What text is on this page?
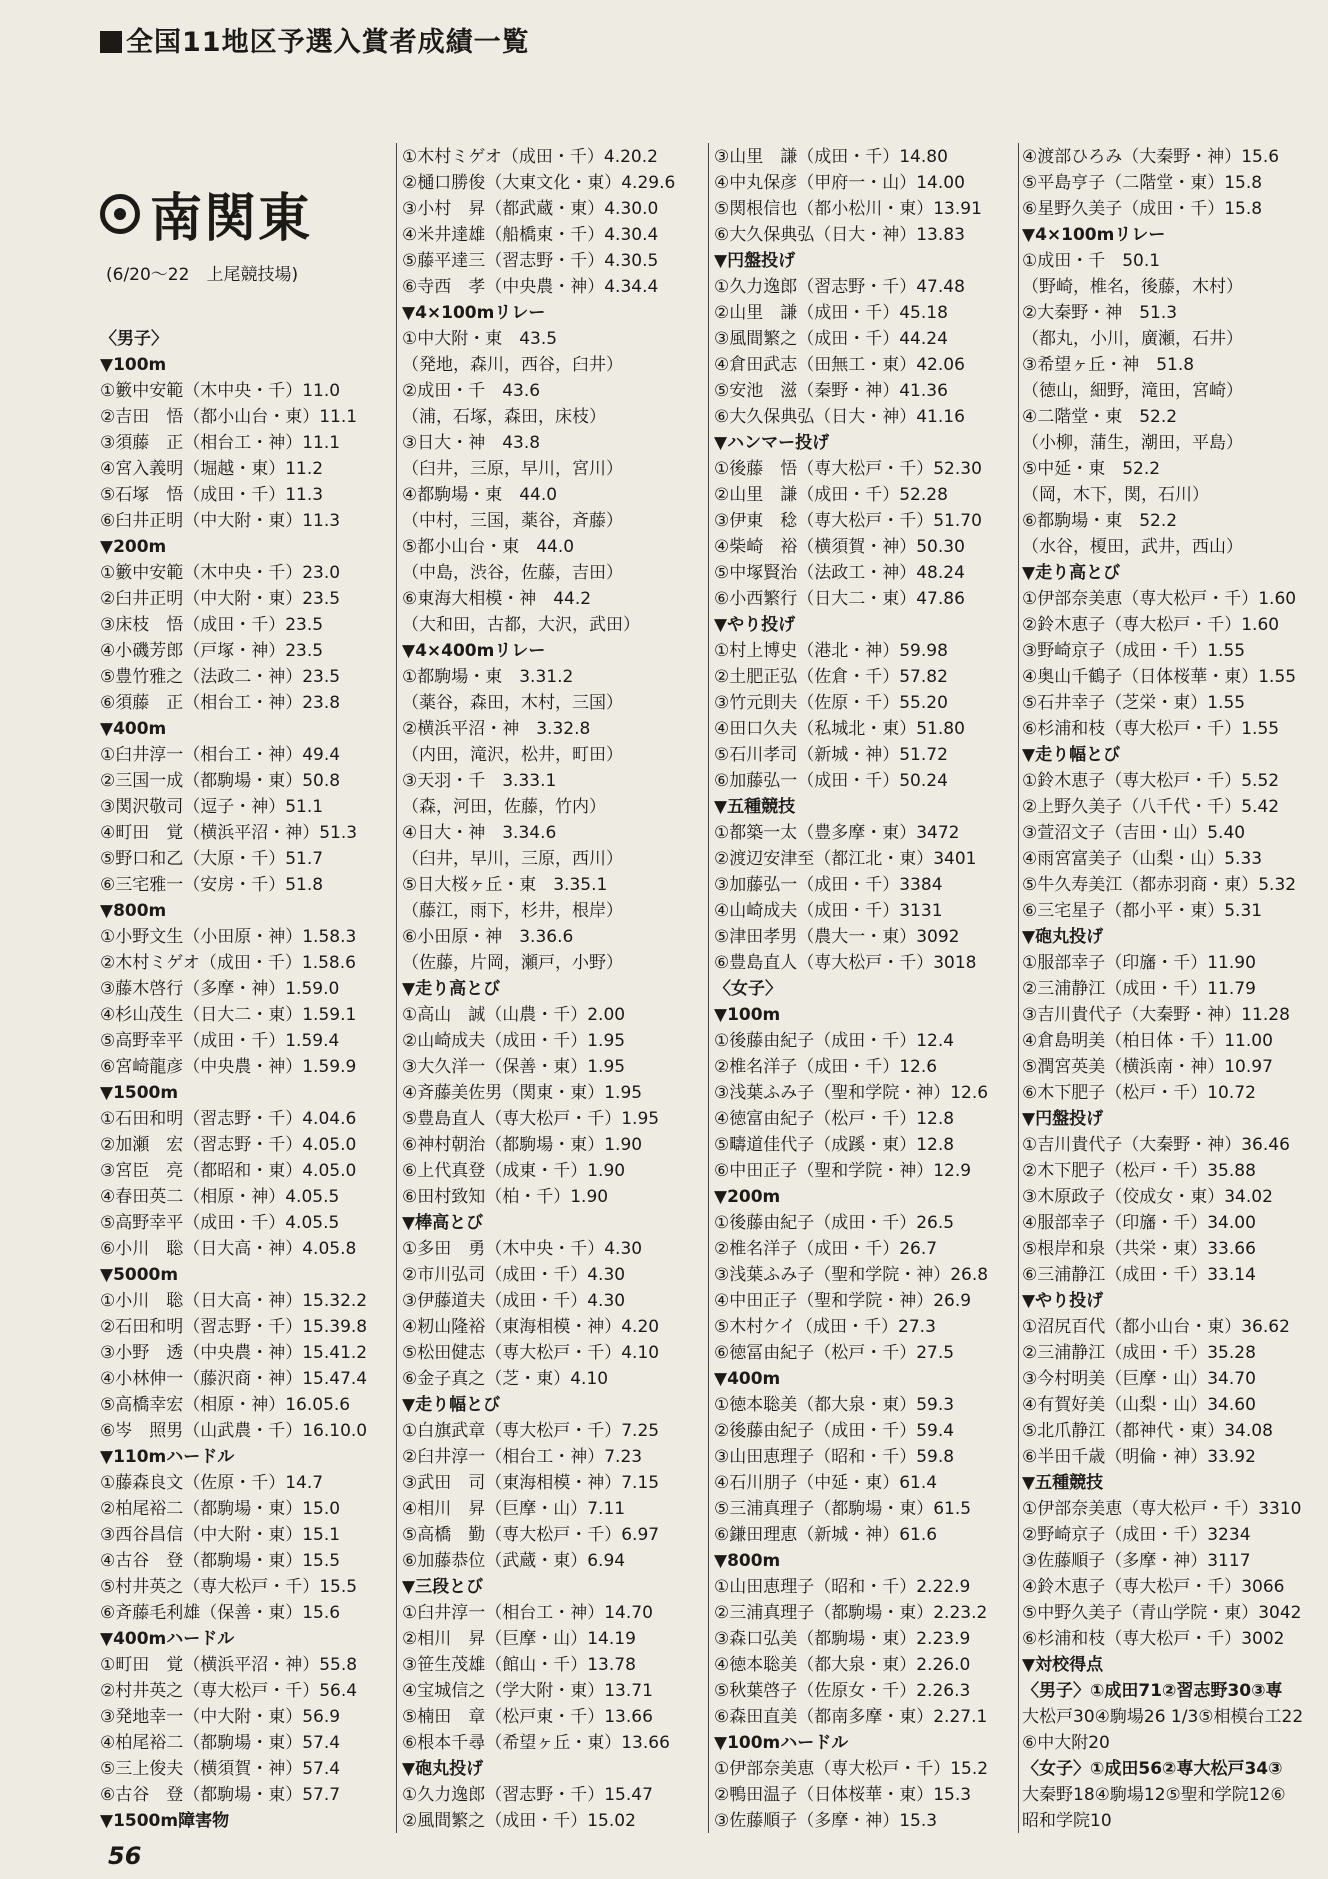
全国11地区予選入賞者成績一覧
南関東
(6/20〜22　上尾競技場)
〈男子〉
▼100m
①籔中安範（木中央・千）11.0
②吉田　悟（都小山台・東）11.1
③須藤　正（相台工・神）11.1
④宮入義明（堀越・東）11.2
⑤石塚　悟（成田・千）11.3
⑥臼井正明（中大附・東）11.3
▼200m
①籔中安範（木中央・千）23.0
②臼井正明（中大附・東）23.5
③床枝　悟（成田・千）23.5
④小磯芳郎（戸塚・神）23.5
⑤豊竹雅之（法政二・神）23.5
⑥須藤　正（相台工・神）23.8
▼400m
①臼井淳一（相台工・神）49.4
②三国一成（都駒場・東）50.8
③関沢敬司（逗子・神）51.1
④町田　覚（横浜平沼・神）51.3
⑤野口和乙（大原・千）51.7
⑥三宅雅一（安房・千）51.8
▼800m
①小野文生（小田原・神）1.58.3
②木村ミゲオ（成田・千）1.58.6
③藤木啓行（多摩・神）1.59.0
④杉山茂生（日大二・東）1.59.1
⑤高野幸平（成田・千）1.59.4
⑥宮崎龍彦（中央農・神）1.59.9
▼1500m
①石田和明（習志野・千）4.04.6
②加瀬　宏（習志野・千）4.05.0
③宮臣　亮（都昭和・東）4.05.0
④春田英二（相原・神）4.05.5
⑤高野幸平（成田・千）4.05.5
⑥小川　聡（日大高・神）4.05.8
▼5000m
①小川　聡（日大高・神）15.32.2
②石田和明（習志野・千）15.39.8
③小野　透（中央農・神）15.41.2
④小林伸一（藤沢商・神）15.47.4
⑤高橋幸宏（相原・神）16.05.6
⑥岑　照男（山武農・千）16.10.0
▼110mハードル
①藤森良文（佐原・千）14.7
②柏尾裕二（都駒場・東）15.0
③西谷昌信（中大附・東）15.1
④古谷　登（都駒場・東）15.5
⑤村井英之（専大松戸・千）15.5
⑥斉藤毛利雄（保善・東）15.6
▼400mハードル
①町田　覚（横浜平沼・神）55.8
②村井英之（専大松戸・千）56.4
③発地幸一（中大附・東）56.9
④柏尾裕二（都駒場・東）57.4
⑤三上俊夫（横須賀・神）57.4
⑥古谷　登（都駒場・東）57.7
▼1500m障害物
①木村ミゲオ（成田・千）4.20.2
②樋口勝俊（大東文化・東）4.29.6
③小村　昇（都武蔵・東）4.30.0
④米井達雄（船橋東・千）4.30.4
⑤藤平達三（習志野・千）4.30.5
⑥寺西　孝（中央農・神）4.34.4
▼4×100mリレー
①中大附・東　43.5
（発地，森川，西谷，臼井）
②成田・千　43.6
（浦，石塚，森田，床枝）
③日大・神　43.8
（臼井，三原，早川，宮川）
④都駒場・東　44.0
（中村，三国，薬谷，斉藤）
⑤都小山台・東　44.0
（中島，渋谷，佐藤，吉田）
⑥東海大相模・神　44.2
（大和田，古都，大沢，武田）
▼4×400mリレー
①都駒場・東　3.31.2
（薬谷，森田，木村，三国）
②横浜平沼・神　3.32.8
（内田，滝沢，松井，町田）
③天羽・千　3.33.1
（森，河田，佐藤，竹内）
④日大・神　3.34.6
（臼井，早川，三原，西川）
⑤日大桜ヶ丘・東　3.35.1
（藤江，雨下，杉井，根岸）
⑥小田原・神　3.36.6
（佐藤，片岡，瀬戸，小野）
▼走り高とび
①高山　誠（山農・千）2.00
②山崎成夫（成田・千）1.95
③大久洋一（保善・東）1.95
④斉藤美佐男（関東・東）1.95
⑤豊島直人（専大松戸・千）1.95
⑥神村朝治（都駒場・東）1.90
⑥上代真登（成東・千）1.90
⑥田村致知（柏・千）1.90
▼棒高とび
①多田　勇（木中央・千）4.30
②市川弘司（成田・千）4.30
③伊藤道夫（成田・千）4.30
④籾山隆裕（東海相模・神）4.20
⑤松田健志（専大松戸・千）4.10
⑥金子真之（芝・東）4.10
▼走り幅とび
①白旗武章（専大松戸・千）7.25
②臼井淳一（相台工・神）7.23
③武田　司（東海相模・神）7.15
④相川　昇（巨摩・山）7.11
⑤高橋　勤（専大松戸・千）6.97
⑥加藤恭位（武蔵・東）6.94
▼三段とび
①臼井淳一（相台工・神）14.70
②相川　昇（巨摩・山）14.19
③笹生茂雄（館山・千）13.78
④宝城信之（学大附・東）13.71
⑤楠田　章（松戸東・千）13.66
⑥根本千尋（希望ヶ丘・東）13.66
▼砲丸投げ
①久力逸郎（習志野・千）15.47
②風間繁之（成田・千）15.02
③山里　謙（成田・千）14.80
④中丸保彦（甲府一・山）14.00
⑤関根信也（都小松川・東）13.91
⑥大久保典弘（日大・神）13.83
▼円盤投げ
①久力逸郎（習志野・千）47.48
②山里　謙（成田・千）45.18
③風間繁之（成田・千）44.24
④倉田武志（田無工・東）42.06
⑤安池　滋（秦野・神）41.36
⑥大久保典弘（日大・神）41.16
▼ハンマー投げ
①後藤　悟（専大松戸・千）52.30
②山里　謙（成田・千）52.28
③伊東　稔（専大松戸・千）51.70
④柴崎　裕（横須賀・神）50.30
⑤中塚賢治（法政工・神）48.24
⑥小西繁行（日大二・東）47.86
▼やり投げ
①村上博史（港北・神）59.98
②土肥正弘（佐倉・千）57.82
③竹元則夫（佐原・千）55.20
④田口久夫（私城北・東）51.80
⑤石川孝司（新城・神）51.72
⑥加藤弘一（成田・千）50.24
▼五種競技
①都築一太（豊多摩・東）3472
②渡辺安津至（都江北・東）3401
③加藤弘一（成田・千）3384
④山崎成夫（成田・千）3131
⑤津田孝男（農大一・東）3092
⑥豊島直人（専大松戸・千）3018
〈女子〉
▼100m
①後藤由紀子（成田・千）12.4
②椎名洋子（成田・千）12.6
③浅葉ふみ子（聖和学院・神）12.6
④徳富由紀子（松戸・千）12.8
⑤疇道佳代子（成蹊・東）12.8
⑥中田正子（聖和学院・神）12.9
▼200m
①後藤由紀子（成田・千）26.5
②椎名洋子（成田・千）26.7
③浅葉ふみ子（聖和学院・神）26.8
④中田正子（聖和学院・神）26.9
⑤木村ケイ（成田・千）27.3
⑥徳冨由紀子（松戸・千）27.5
▼400m
①徳本聡美（都大泉・東）59.3
②後藤由紀子（成田・千）59.4
③山田恵理子（昭和・千）59.8
④石川朋子（中延・東）61.4
⑤三浦真理子（都駒場・東）61.5
⑥鎌田理恵（新城・神）61.6
▼800m
①山田恵理子（昭和・千）2.22.9
②三浦真理子（都駒場・東）2.23.2
③森口弘美（都駒場・東）2.23.9
④徳本聡美（都大泉・東）2.26.0
⑤秋葉啓子（佐原女・千）2.26.3
⑥森田直美（都南多摩・東）2.27.1
▼100mハードル
①伊部奈美恵（専大松戸・千）15.2
②鴨田温子（日体桜華・東）15.3
③佐藤順子（多摩・神）15.3
④渡部ひろみ（大秦野・神）15.6
⑤平島亨子（二階堂・東）15.8
⑥星野久美子（成田・千）15.8
▼4×100mリレー
①成田・千　50.1
（野崎，椎名，後藤，木村）
②大秦野・神　51.3
（都丸，小川，廣瀬，石井）
③希望ヶ丘・神　51.8
（徳山，細野，滝田，宮崎）
④二階堂・東　52.2
（小柳，蒲生，潮田，平島）
⑤中延・東　52.2
（岡，木下，関，石川）
⑥都駒場・東　52.2
（水谷，榎田，武井，西山）
▼走り高とび
①伊部奈美恵（専大松戸・千）1.60
②鈴木恵子（専大松戸・千）1.60
③野崎京子（成田・千）1.55
④奥山千鶴子（日体桜華・東）1.55
⑤石井幸子（芝栄・東）1.55
⑥杉浦和枝（専大松戸・千）1.55
▼走り幅とび
①鈴木恵子（専大松戸・千）5.52
②上野久美子（八千代・千）5.42
③萱沼文子（吉田・山）5.40
④雨宮富美子（山梨・山）5.33
⑤牛久寿美江（都赤羽商・東）5.32
⑥三宅星子（都小平・東）5.31
▼砲丸投げ
①服部幸子（印旛・千）11.90
②三浦静江（成田・千）11.79
③吉川貴代子（大秦野・神）11.28
④倉島明美（柏日体・千）11.00
⑤潤宮英美（横浜南・神）10.97
⑥木下肥子（松戸・千）10.72
▼円盤投げ
①吉川貴代子（大秦野・神）36.46
②木下肥子（松戸・千）35.88
③木原政子（佼成女・東）34.02
④服部幸子（印旛・千）34.00
⑤根岸和泉（共栄・東）33.66
⑥三浦静江（成田・千）33.14
▼やり投げ
①沼尻百代（都小山台・東）36.62
②三浦静江（成田・千）35.28
③今村明美（巨摩・山）34.70
④有賀好美（山梨・山）34.60
⑤北爪静江（都神代・東）34.08
⑥半田千歳（明倫・神）33.92
▼五種競技
①伊部奈美恵（専大松戸・千）3310
②野崎京子（成田・千）3234
③佐藤順子（多摩・神）3117
④鈴木恵子（専大松戸・千）3066
⑤中野久美子（青山学院・東）3042
⑥杉浦和枝（専大松戸・千）3002
▼対校得点
〈男子〉①成田71②習志野30③専
大松戸30④駒場26 1/3⑤相模台工22
⑥中大附20
〈女子〉①成田56②専大松戸34③
大秦野18④駒場12⑤聖和学院12⑥
昭和学院10
56
